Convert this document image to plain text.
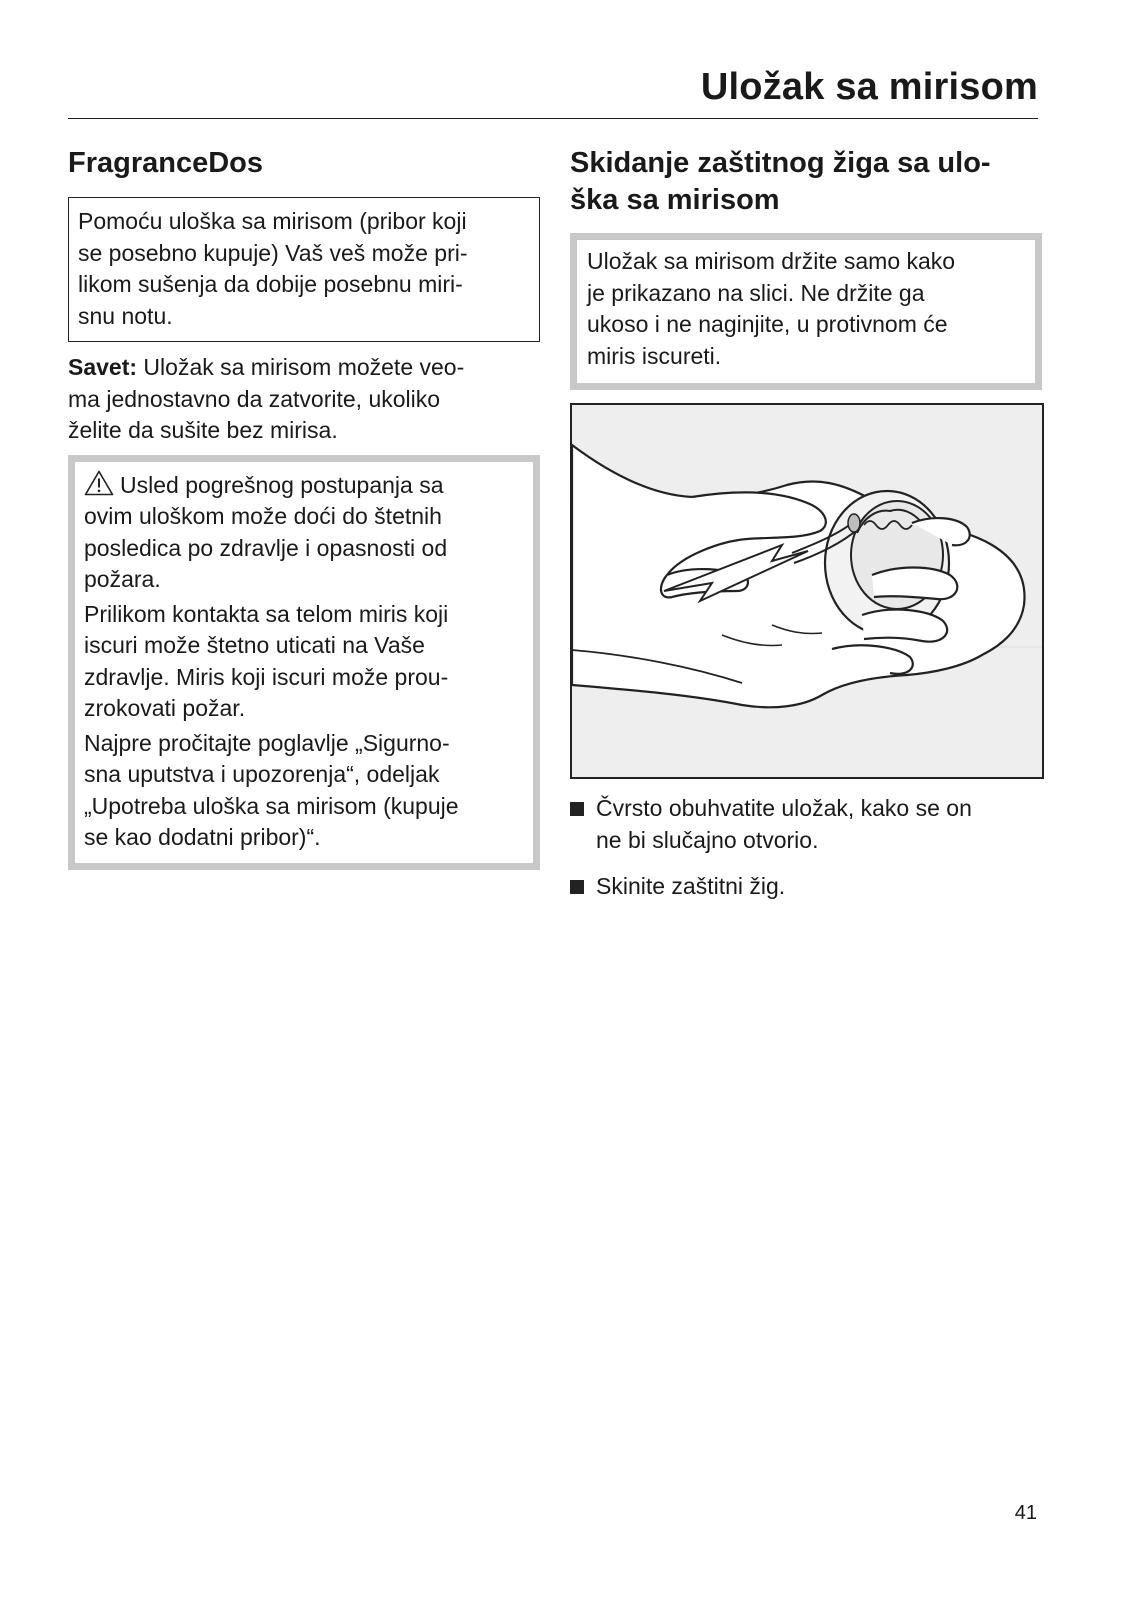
Uložak sa mirisom
FragranceDos
Pomoću uloška sa mirisom (pribor koji
se posebno kupuje) Vaš veš može pri-
likom sušenja da dobije posebnu miri-
snu notu.
Savet: Uložak sa mirisom možete veo-
ma jednostavno da zatvorite, ukoliko
želite da sušite bez mirisa.

Usled pogrešnog postupanja sa
ovim uloškom može doći do štetnih
posledica po zdravlje i opasnosti od
požara.

Prilikom kontakta sa telom miris koji
iscuri može štetno uticati na Vaše
zdravlje. Miris koji iscuri može prou-
zrokovati požar.

Najpre pročitajte poglavlje „Sigurno-
sna uputstva i upozorenja“, odeljak
„Upotreba uloška sa mirisom (kupuje
se kao dodatni pribor)“.

Skidanje zaštitnog žiga sa ulo-
ška sa mirisom
Uložak sa mirisom držite samo kako
je prikazano na slici. Ne držite ga
ukoso i ne naginjite, u protivnom će
miris iscureti.
Čvrsto obuhvatite uložak, kako se on
ne bi slučajno otvorio.
Skinite zaštitni žig.
41
